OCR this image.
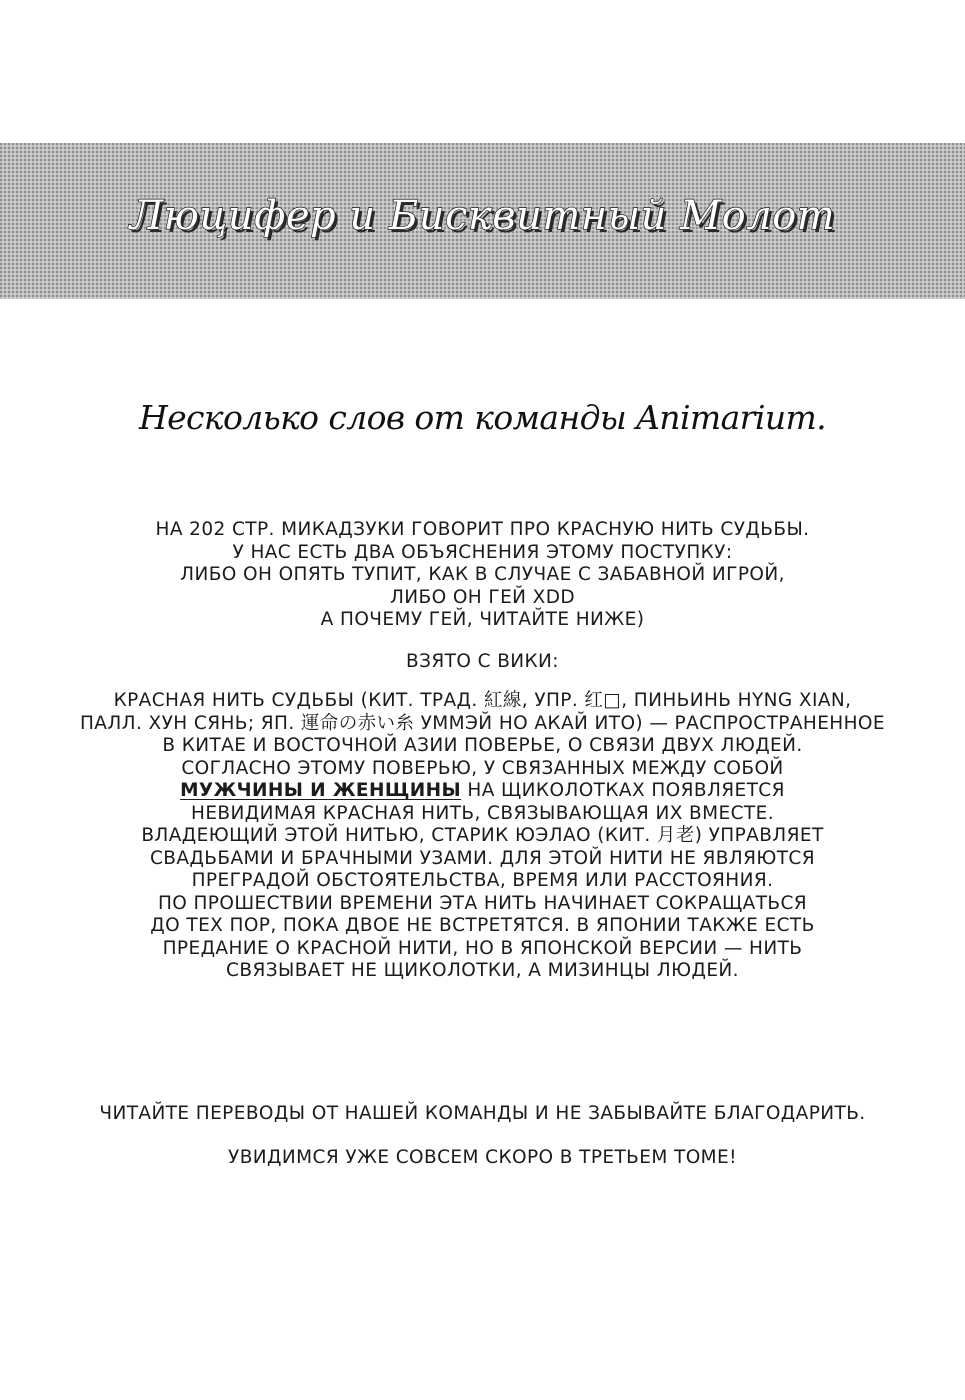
Люцифер и Бисквитный Молот
Несколько слов от команды Animarium.
НА 202 СТР. МИКАДЗУКИ ГОВОРИТ ПРО КРАСНУЮ НИТЬ СУДЬБЫ.
У НАС ЕСТЬ ДВА ОБЪЯСНЕНИЯ ЭТОМУ ПОСТУПКУ:
ЛИБО ОН ОПЯТЬ ТУПИТ, КАК В СЛУЧАЕ С ЗАБАВНОЙ ИГРОЙ,
ЛИБО ОН ГЕЙ XDD
А ПОЧЕМУ ГЕЙ, ЧИТАЙТЕ НИЖЕ)
ВЗЯТО С ВИКИ:
КРАСНАЯ НИТЬ СУДЬБЫ (КИТ. ТРАД. 紅線, УПР. 红□, ПИНЬИНЬ HYNG XIAN,
ПАЛЛ. ХУН СЯНЬ; ЯП. 運命の赤い糸 УММЭЙ НО АКАЙ ИТО) — РАСПРОСТРАНЕННОЕ
В КИТАЕ И ВОСТОЧНОЙ АЗИИ ПОВЕРЬЕ, О СВЯЗИ ДВУХ ЛЮДЕЙ.
СОГЛАСНО ЭТОМУ ПОВЕРЬЮ, У СВЯЗАННЫХ МЕЖДУ СОБОЙ
МУЖЧИНЫ И ЖЕНЩИНЫ НА ЩИКОЛОТКАХ ПОЯВЛЯЕТСЯ
НЕВИДИМАЯ КРАСНАЯ НИТЬ, СВЯЗЫВАЮЩАЯ ИХ ВМЕСТЕ.
ВЛАДЕЮЩИЙ ЭТОЙ НИТЬЮ, СТАРИК ЮЭЛАО (КИТ. 月老) УПРАВЛЯЕТ
СВАДЬБАМИ И БРАЧНЫМИ УЗАМИ. ДЛЯ ЭТОЙ НИТИ НЕ ЯВЛЯЮТСЯ
ПРЕГРАДОЙ ОБСТОЯТЕЛЬСТВА, ВРЕМЯ ИЛИ РАССТОЯНИЯ.
ПО ПРОШЕСТВИИ ВРЕМЕНИ ЭТА НИТЬ НАЧИНАЕТ СОКРАЩАТЬСЯ
ДО ТЕХ ПОР, ПОКА ДВОЕ НЕ ВСТРЕТЯТСЯ. В ЯПОНИИ ТАКЖЕ ЕСТЬ
ПРЕДАНИЕ О КРАСНОЙ НИТИ, НО В ЯПОНСКОЙ ВЕРСИИ — НИТЬ
СВЯЗЫВАЕТ НЕ ЩИКОЛОТКИ, А МИЗИНЦЫ ЛЮДЕЙ.
ЧИТАЙТЕ ПЕРЕВОДЫ ОТ НАШЕЙ КОМАНДЫ И НЕ ЗАБЫВАЙТЕ БЛАГОДАРИТЬ.
УВИДИМСЯ УЖЕ СОВСЕМ СКОРО В ТРЕТЬЕМ ТОМЕ!
